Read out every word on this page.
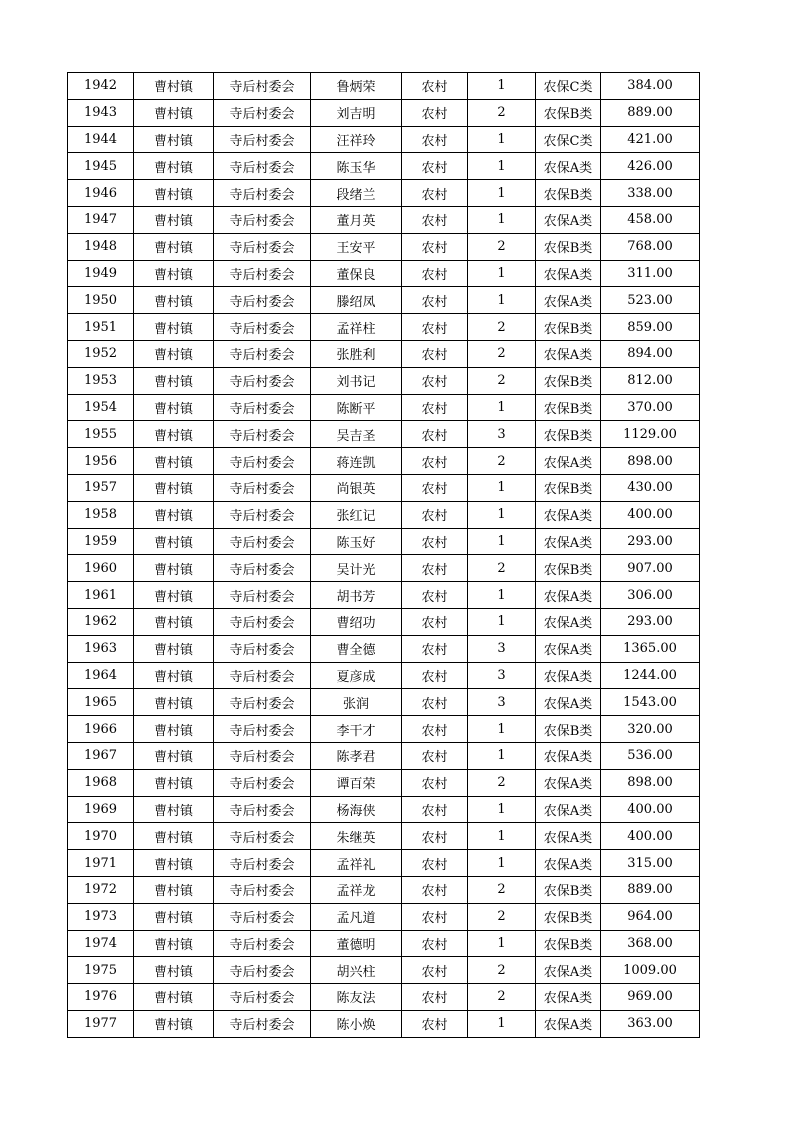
1942	曹村镇	寺后村委会	鲁炳荣	农村	1	农保C类	384.00
1943	曹村镇	寺后村委会	刘吉明	农村	2	农保B类	889.00
1944	曹村镇	寺后村委会	汪祥玲	农村	1	农保C类	421.00
1945	曹村镇	寺后村委会	陈玉华	农村	1	农保A类	426.00
1946	曹村镇	寺后村委会	段绪兰	农村	1	农保B类	338.00
1947	曹村镇	寺后村委会	董月英	农村	1	农保A类	458.00
1948	曹村镇	寺后村委会	王安平	农村	2	农保B类	768.00
1949	曹村镇	寺后村委会	董保良	农村	1	农保A类	311.00
1950	曹村镇	寺后村委会	滕绍凤	农村	1	农保A类	523.00
1951	曹村镇	寺后村委会	孟祥柱	农村	2	农保B类	859.00
1952	曹村镇	寺后村委会	张胜利	农村	2	农保A类	894.00
1953	曹村镇	寺后村委会	刘书记	农村	2	农保B类	812.00
1954	曹村镇	寺后村委会	陈断平	农村	1	农保B类	370.00
1955	曹村镇	寺后村委会	吴吉圣	农村	3	农保B类	1129.00
1956	曹村镇	寺后村委会	蒋连凯	农村	2	农保A类	898.00
1957	曹村镇	寺后村委会	尚银英	农村	1	农保B类	430.00
1958	曹村镇	寺后村委会	张红记	农村	1	农保A类	400.00
1959	曹村镇	寺后村委会	陈玉好	农村	1	农保A类	293.00
1960	曹村镇	寺后村委会	吴计光	农村	2	农保B类	907.00
1961	曹村镇	寺后村委会	胡书芳	农村	1	农保A类	306.00
1962	曹村镇	寺后村委会	曹绍功	农村	1	农保A类	293.00
1963	曹村镇	寺后村委会	曹全德	农村	3	农保A类	1365.00
1964	曹村镇	寺后村委会	夏彦成	农村	3	农保A类	1244.00
1965	曹村镇	寺后村委会	张润	农村	3	农保A类	1543.00
1966	曹村镇	寺后村委会	李干才	农村	1	农保B类	320.00
1967	曹村镇	寺后村委会	陈孝君	农村	1	农保A类	536.00
1968	曹村镇	寺后村委会	谭百荣	农村	2	农保A类	898.00
1969	曹村镇	寺后村委会	杨海侠	农村	1	农保A类	400.00
1970	曹村镇	寺后村委会	朱继英	农村	1	农保A类	400.00
1971	曹村镇	寺后村委会	孟祥礼	农村	1	农保A类	315.00
1972	曹村镇	寺后村委会	孟祥龙	农村	2	农保B类	889.00
1973	曹村镇	寺后村委会	孟凡道	农村	2	农保B类	964.00
1974	曹村镇	寺后村委会	董德明	农村	1	农保B类	368.00
1975	曹村镇	寺后村委会	胡兴柱	农村	2	农保A类	1009.00
1976	曹村镇	寺后村委会	陈友法	农村	2	农保A类	969.00
1977	曹村镇	寺后村委会	陈小焕	农村	1	农保A类	363.00
